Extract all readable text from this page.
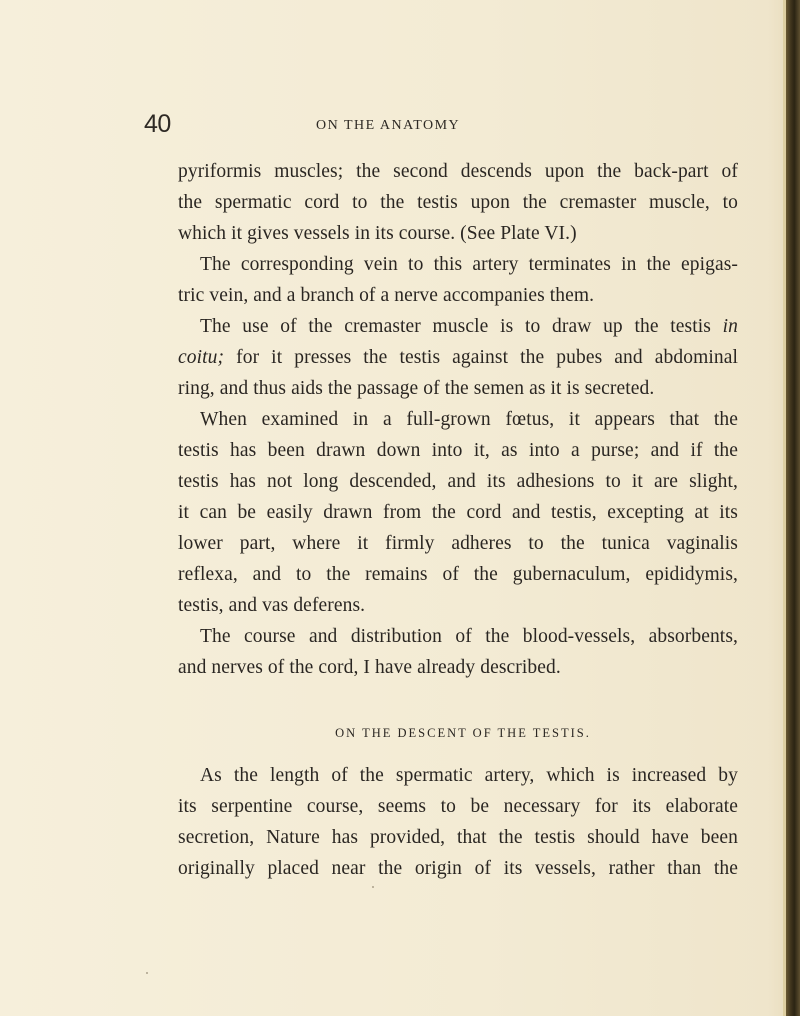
40	ON THE ANATOMY
pyriformis muscles; the second descends upon the back-part of
the spermatic cord to the testis upon the cremaster muscle, to
which it gives vessels in its course. (See Plate VI.)
The corresponding vein to this artery terminates in the epigas-
tric vein, and a branch of a nerve accompanies them.
The use of the cremaster muscle is to draw up the testis in
coitu; for it presses the testis against the pubes and abdominal
ring, and thus aids the passage of the semen as it is secreted.
When examined in a full-grown fœtus, it appears that the
testis has been drawn down into it, as into a purse; and if the
testis has not long descended, and its adhesions to it are slight,
it can be easily drawn from the cord and testis, excepting at its
lower part, where it firmly adheres to the tunica vaginalis
reflexa, and to the remains of the gubernaculum, epididymis,
testis, and vas deferens.
The course and distribution of the blood-vessels, absorbents,
and nerves of the cord, I have already described.
ON THE DESCENT OF THE TESTIS.
As the length of the spermatic artery, which is increased by
its serpentine course, seems to be necessary for its elaborate
secretion, Nature has provided, that the testis should have been
originally placed near the origin of its vessels, rather than the
